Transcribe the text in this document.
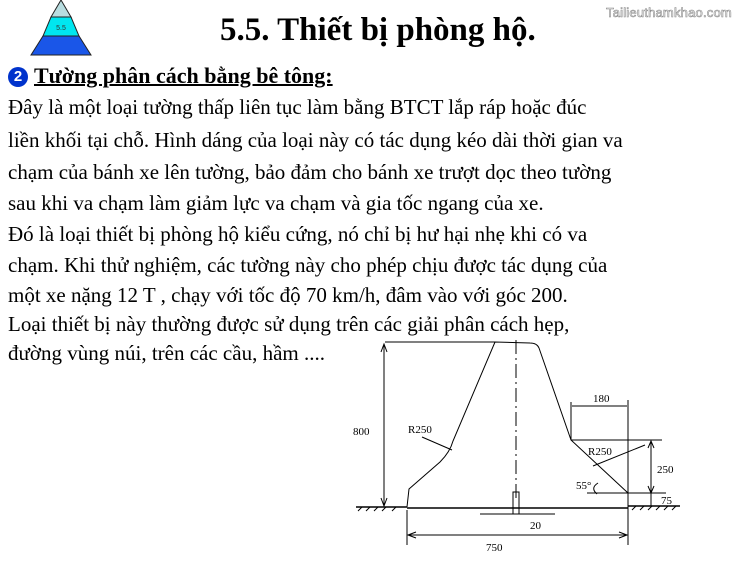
5.5	5.5. Thiết bị phòng hộ.	Tailieuthamkhao.com
2 Tường phân cách bằng bê tông:
Đây là một loại tường thấp liên tục làm bằng BTCT lắp ráp hoặc đúc
liền khối tại chỗ. Hình dáng của loại này có tác dụng kéo dài thời gian va
chạm của bánh xe lên tường, bảo đảm cho bánh xe trượt dọc theo tường
sau khi va chạm làm giảm lực va chạm và gia tốc ngang của xe.
Đó là loại thiết bị phòng hộ kiểu cứng, nó chỉ bị hư hại nhẹ khi có va
chạm. Khi thử nghiệm, các tường này cho phép chịu được tác dụng của
một xe nặng 12 T , chạy với tốc độ 70 km/h, đâm vào với góc 200.
Loại thiết bị này thường được sử dụng trên các giải phân cách hẹp,
đường vùng núi, trên các cầu, hầm ....
800	R250
R250
180
250
55°
75
20
750
